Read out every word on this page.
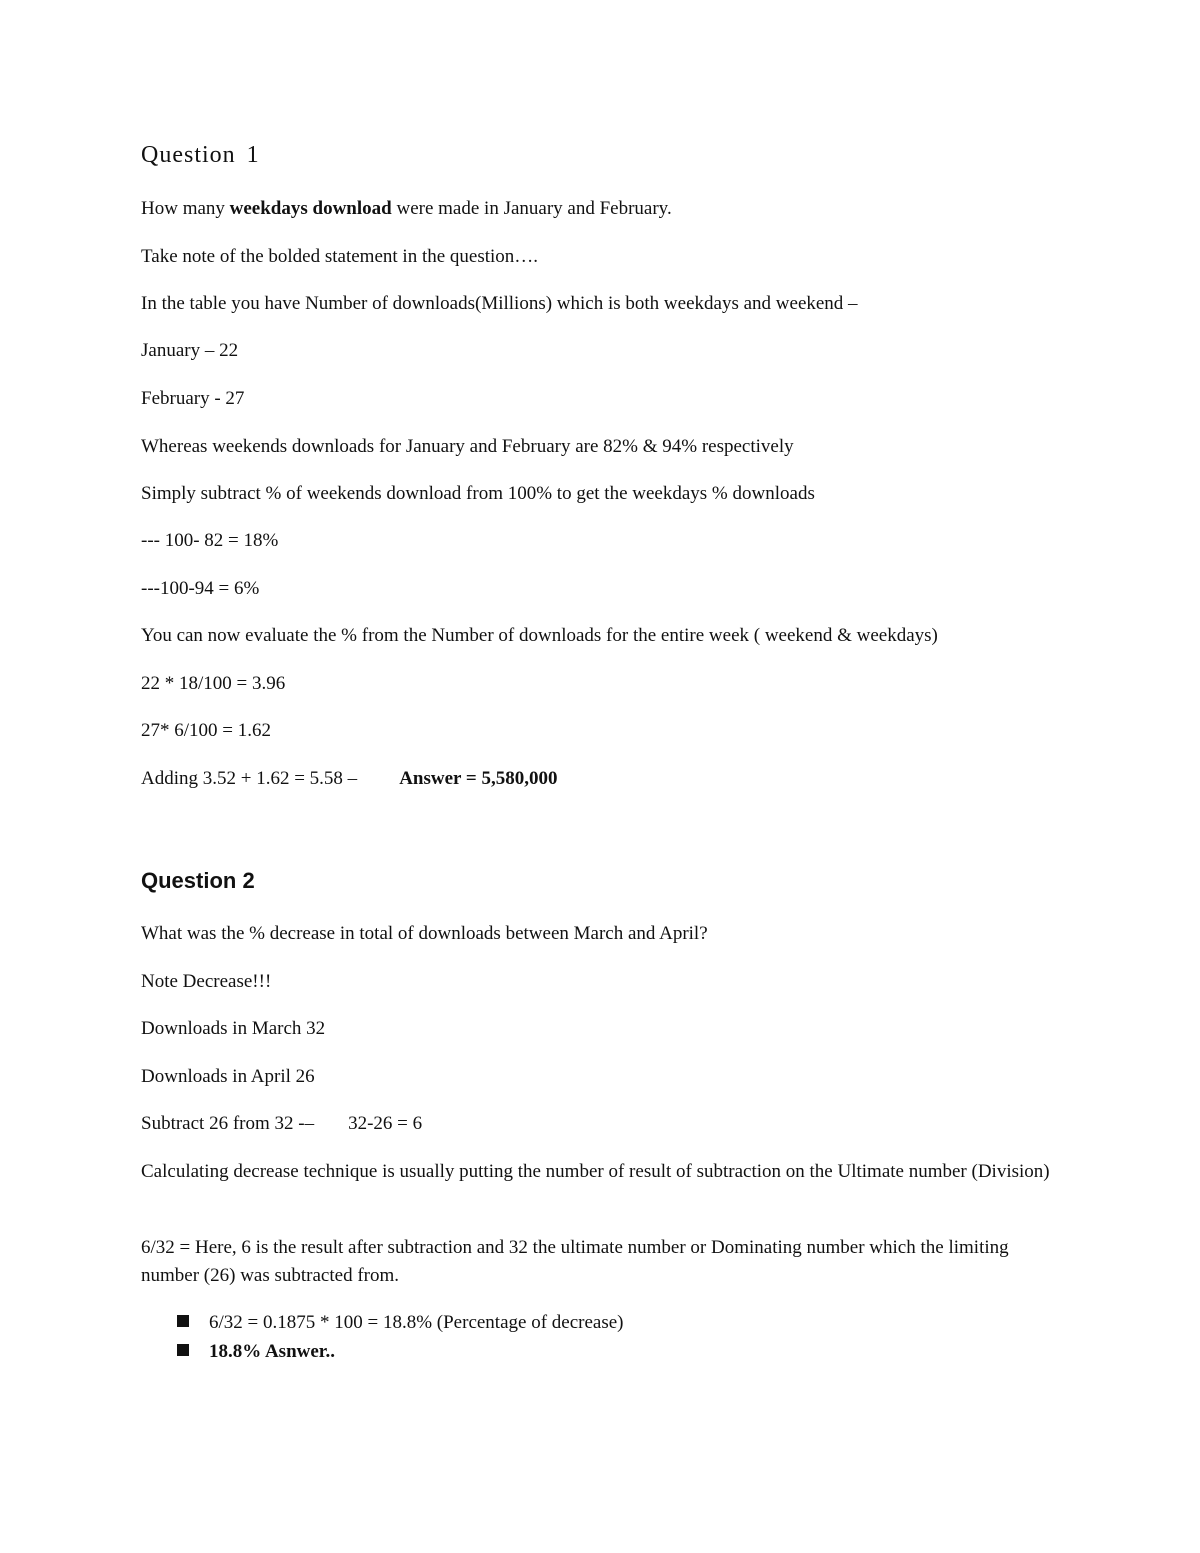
Question 1
How many weekdays download were made in January and February.
Take note of the bolded statement in the question….
In the table you have Number of downloads(Millions) which is both weekdays and weekend –
January – 22
February - 27
Whereas weekends downloads for January and February are 82% & 94% respectively
Simply subtract % of weekends download from 100% to get the weekdays % downloads
--- 100- 82 = 18%
---100-94 = 6%
You can now evaluate the % from the Number of downloads for the entire week ( weekend & weekdays)
22 * 18/100 = 3.96
27* 6/100 = 1.62
Adding 3.52 + 1.62 = 5.58 – Answer = 5,580,000
Question 2
What was the % decrease in total of downloads between March and April?
Note Decrease!!!
Downloads in March 32
Downloads in April 26
Subtract 26 from 32 -– 32-26 = 6
Calculating decrease technique is usually putting the number of result of subtraction on the Ultimate number (Division)
6/32 = Here, 6 is the result after subtraction and 32 the ultimate number or Dominating number which the limiting number (26) was subtracted from.
6/32 = 0.1875 * 100 = 18.8% (Percentage of decrease)
18.8% Asnwer..
